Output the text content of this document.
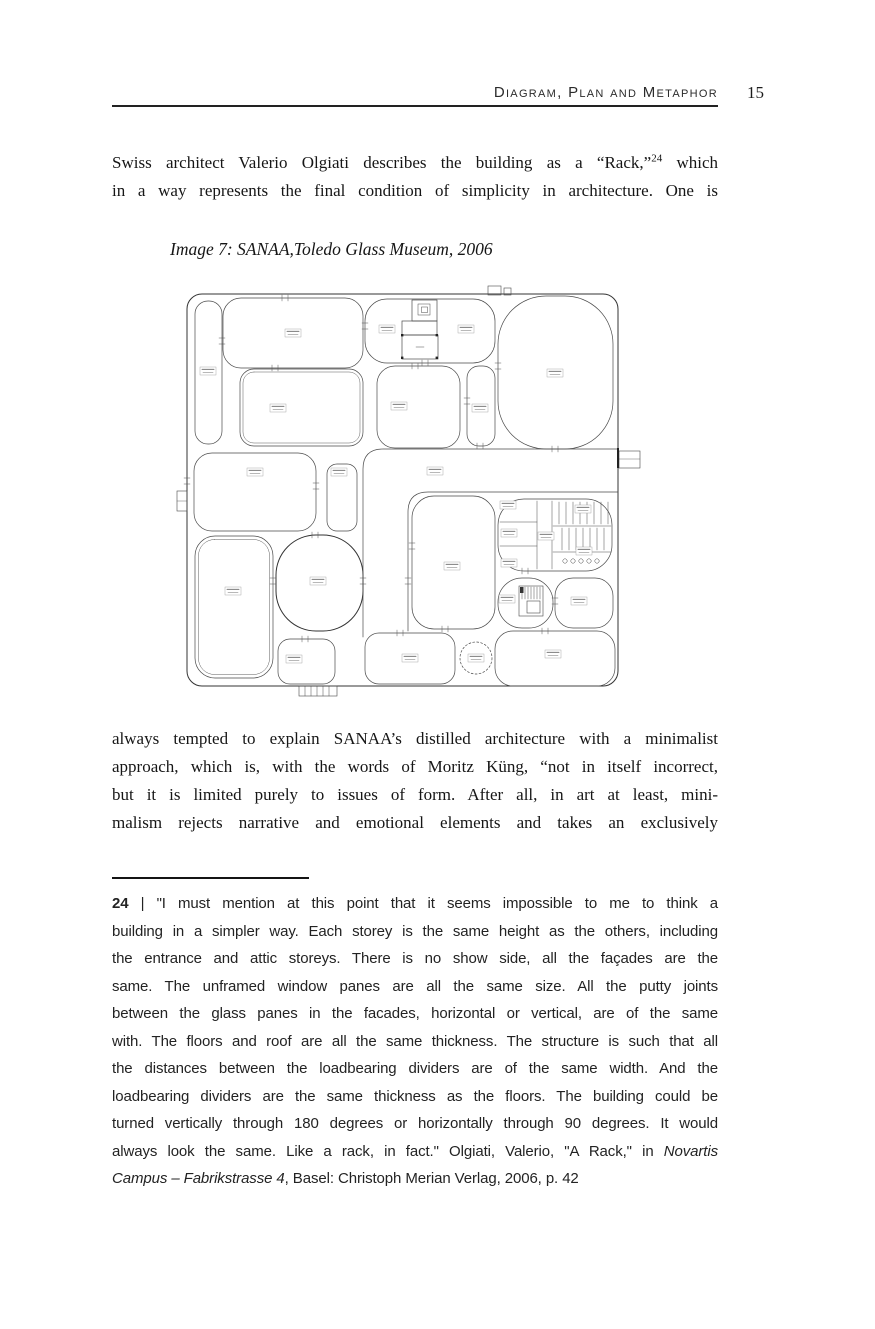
Diagram, Plan and Metaphor 15
Swiss architect Valerio Olgiati describes the building as a “Rack,”$^{24}$ which
in a way represents the final condition of simplicity in architecture. One is
Image 7: SANAA,Toledo Glass Museum, 2006
always tempted to explain SANAA’s distilled architecture with a minimalist
approach, which is, with the words of Moritz Küng, “not in itself incorrect,
but it is limited purely to issues of form. After all, in art at least, mini-
malism rejects narrative and emotional elements and takes an exclusively
24 | "I must mention at this point that it seems impossible to me to think a
building in a simpler way. Each storey is the same height as the others, including
the entrance and attic storeys. There is no show side, all the façades are the
same. The unframed window panes are all the same size. All the putty joints
between the glass panes in the facades, horizontal or vertical, are of the same
with. The floors and roof are all the same thickness. The structure is such that all
the distances between the loadbearing dividers are of the same width. And the
loadbearing dividers are the same thickness as the floors. The building could be
turned vertically through 180 degrees or horizontally through 90 degrees. It would
always look the same. Like a rack, in fact." Olgiati, Valerio, "A Rack," in Novartis
Campus – Fabrikstrasse 4, Basel: Christoph Merian Verlag, 2006, p. 42
